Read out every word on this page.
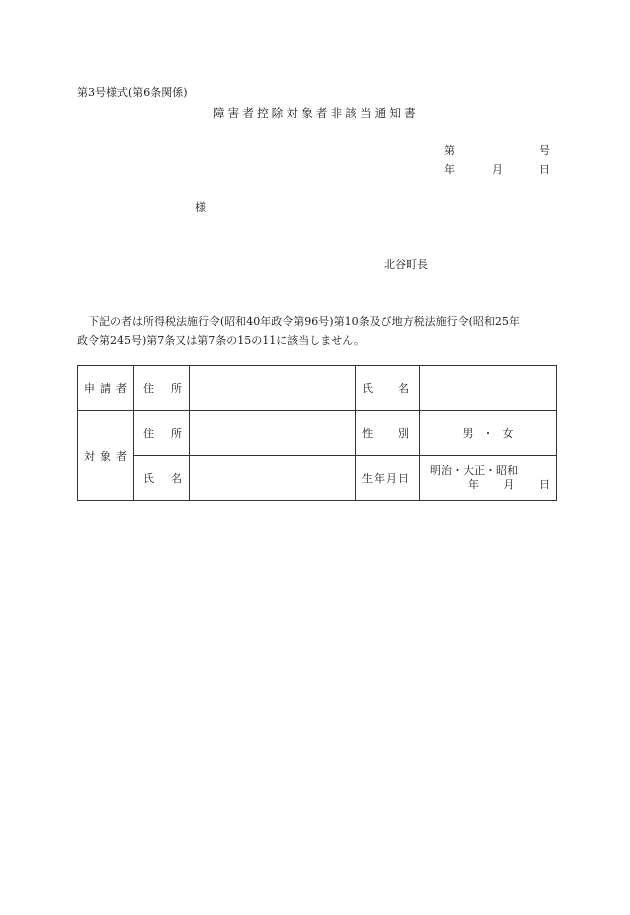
第3号様式(第6条関係)
障害者控除対象者非該当通知書
第	号
年	月	日
様
北谷町長
下記の者は所得税法施行令(昭和40年政令第96号)第10条及び地方税法施行令(昭和25年
政令第245号)第7条又は第7条の15の11に該当しません。
申 請 者	住 所		氏 名	

対 象 者	住 所		性 別	男 ・ 女

	氏 名		生 年 月 日	明治・大正・昭和
年 月 日
